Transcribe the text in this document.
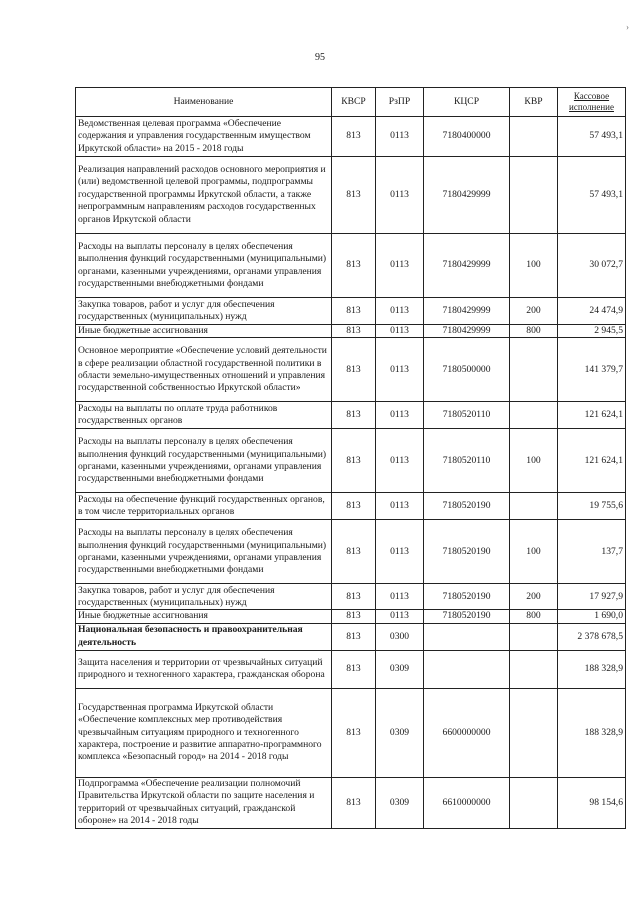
95
›
Наименование	КВСР	РзПР	КЦСР	КВР	Кассовое исполнение
Ведомственная целевая программа «Обеспечение содержания и управления государственным имуществом Иркутской области» на 2015 - 2018 годы	813	0113	7180400000		57 493,1
Реализация направлений расходов основного мероприятия и (или) ведомственной целевой программы, подпрограммы государственной программы Иркутской области, а также непрограммным направлениям расходов государственных органов Иркутской области	813	0113	7180429999		57 493,1
Расходы на выплаты персоналу в целях обеспечения выполнения функций государственными (муниципальными) органами, казенными учреждениями, органами управления государственными внебюджетными фондами	813	0113	7180429999	100	30 072,7
Закупка товаров, работ и услуг для обеспечения государственных (муниципальных) нужд	813	0113	7180429999	200	24 474,9
Иные бюджетные ассигнования	813	0113	7180429999	800	2 945,5
Основное мероприятие «Обеспечение условий деятельности в сфере реализации областной государственной политики в области земельно-имущественных отношений и управления государственной собственностью Иркутской области»	813	0113	7180500000		141 379,7
Расходы на выплаты по оплате труда работников государственных органов	813	0113	7180520110		121 624,1
Расходы на выплаты персоналу в целях обеспечения выполнения функций государственными (муниципальными) органами, казенными учреждениями, органами управления государственными внебюджетными фондами	813	0113	7180520110	100	121 624,1
Расходы на обеспечение функций государственных органов, в том числе территориальных органов	813	0113	7180520190		19 755,6
Расходы на выплаты персоналу в целях обеспечения выполнения функций государственными (муниципальными) органами, казенными учреждениями, органами управления государственными внебюджетными фондами	813	0113	7180520190	100	137,7
Закупка товаров, работ и услуг для обеспечения государственных (муниципальных) нужд	813	0113	7180520190	200	17 927,9
Иные бюджетные ассигнования	813	0113	7180520190	800	1 690,0
Национальная безопасность и правоохранительная деятельность	813	0300			2 378 678,5
Защита населения и территории от чрезвычайных ситуаций природного и техногенного характера, гражданская оборона	813	0309			188 328,9
Государственная программа Иркутской области «Обеспечение комплексных мер противодействия чрезвычайным ситуациям природного и техногенного характера, построение и развитие аппаратно-программного комплекса «Безопасный город» на 2014 - 2018 годы	813	0309	6600000000		188 328,9
Подпрограмма «Обеспечение реализации полномочий Правительства Иркутской области по защите населения и территорий от чрезвычайных ситуаций, гражданской обороне» на 2014 - 2018 годы	813	0309	6610000000		98 154,6
